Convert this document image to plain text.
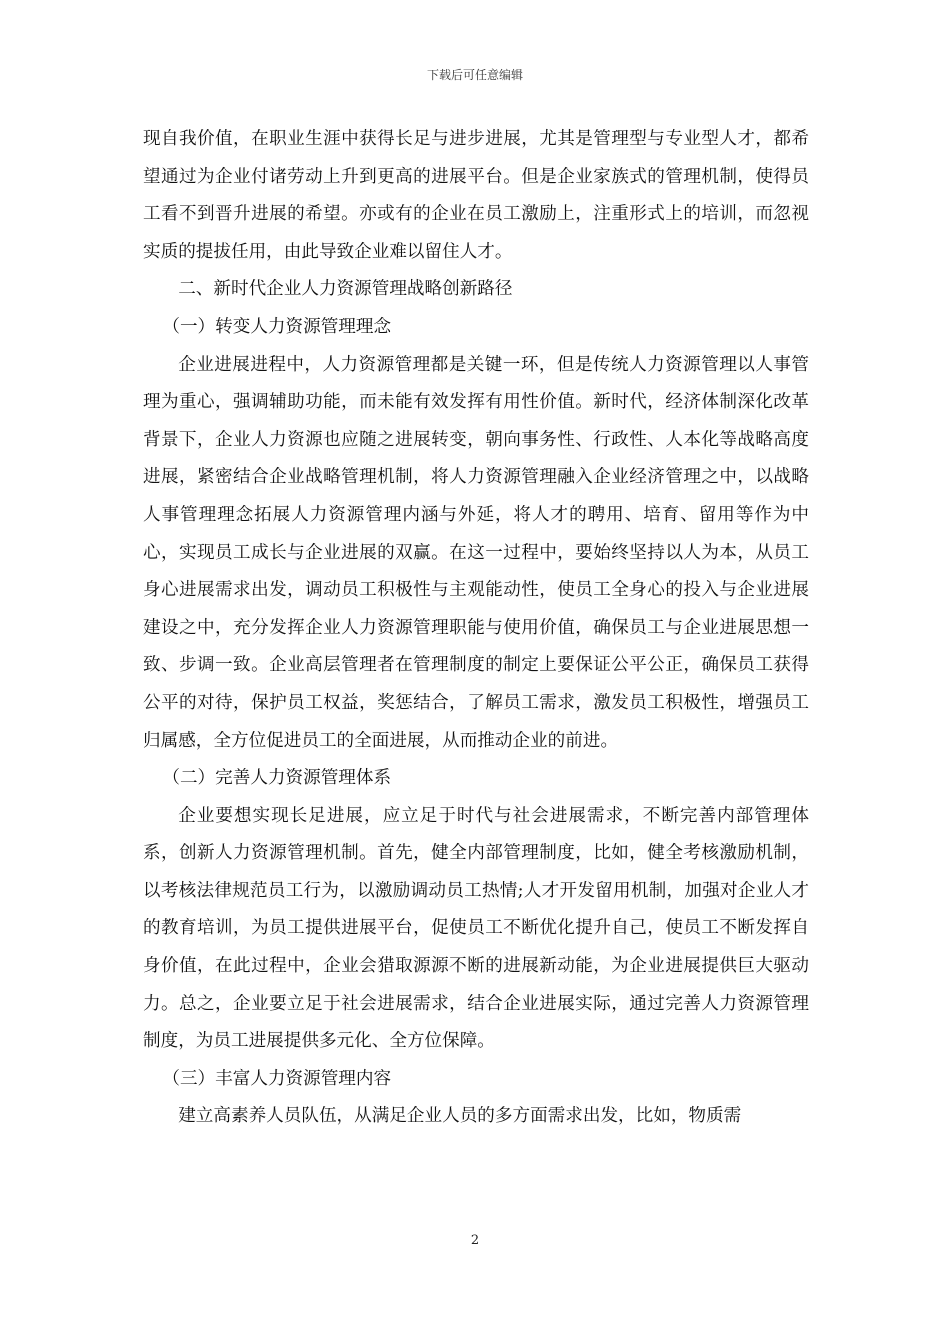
下载后可任意编辑

现自我价值，在职业生涯中获得长足与进步进展，尤其是管理型与专业型人才，都希望通过为企业付诸劳动上升到更高的进展平台。但是企业家族式的管理机制，使得员工看不到晋升进展的希望。亦或有的企业在员工激励上，注重形式上的培训，而忽视实质的提拔任用，由此导致企业难以留住人才。

二、新时代企业人力资源管理战略创新路径

（一）转变人力资源管理理念

企业进展进程中，人力资源管理都是关键一环，但是传统人力资源管理以人事管理为重心，强调辅助功能，而未能有效发挥有用性价值。新时代，经济体制深化改革背景下，企业人力资源也应随之进展转变，朝向事务性、行政性、人本化等战略高度进展，紧密结合企业战略管理机制，将人力资源管理融入企业经济管理之中，以战略人事管理理念拓展人力资源管理内涵与外延，将人才的聘用、培育、留用等作为中心，实现员工成长与企业进展的双赢。在这一过程中，要始终坚持以人为本，从员工身心进展需求出发，调动员工积极性与主观能动性，使员工全身心的投入与企业进展建设之中，充分发挥企业人力资源管理职能与使用价值，确保员工与企业进展思想一致、步调一致。企业高层管理者在管理制度的制定上要保证公平公正，确保员工获得公平的对待，保护员工权益，奖惩结合，了解员工需求，激发员工积极性，增强员工归属感，全方位促进员工的全面进展，从而推动企业的前进。

（二）完善人力资源管理体系

企业要想实现长足进展，应立足于时代与社会进展需求，不断完善内部管理体系，创新人力资源管理机制。首先，健全内部管理制度，比如，健全考核激励机制，以考核法律规范员工行为，以激励调动员工热情;人才开发留用机制，加强对企业人才的教育培训，为员工提供进展平台，促使员工不断优化提升自己，使员工不断发挥自身价值，在此过程中，企业会猎取源源不断的进展新动能，为企业进展提供巨大驱动力。总之，企业要立足于社会进展需求，结合企业进展实际，通过完善人力资源管理制度，为员工进展提供多元化、全方位保障。

（三）丰富人力资源管理内容

建立高素养人员队伍，从满足企业人员的多方面需求出发，比如，物质需

2
